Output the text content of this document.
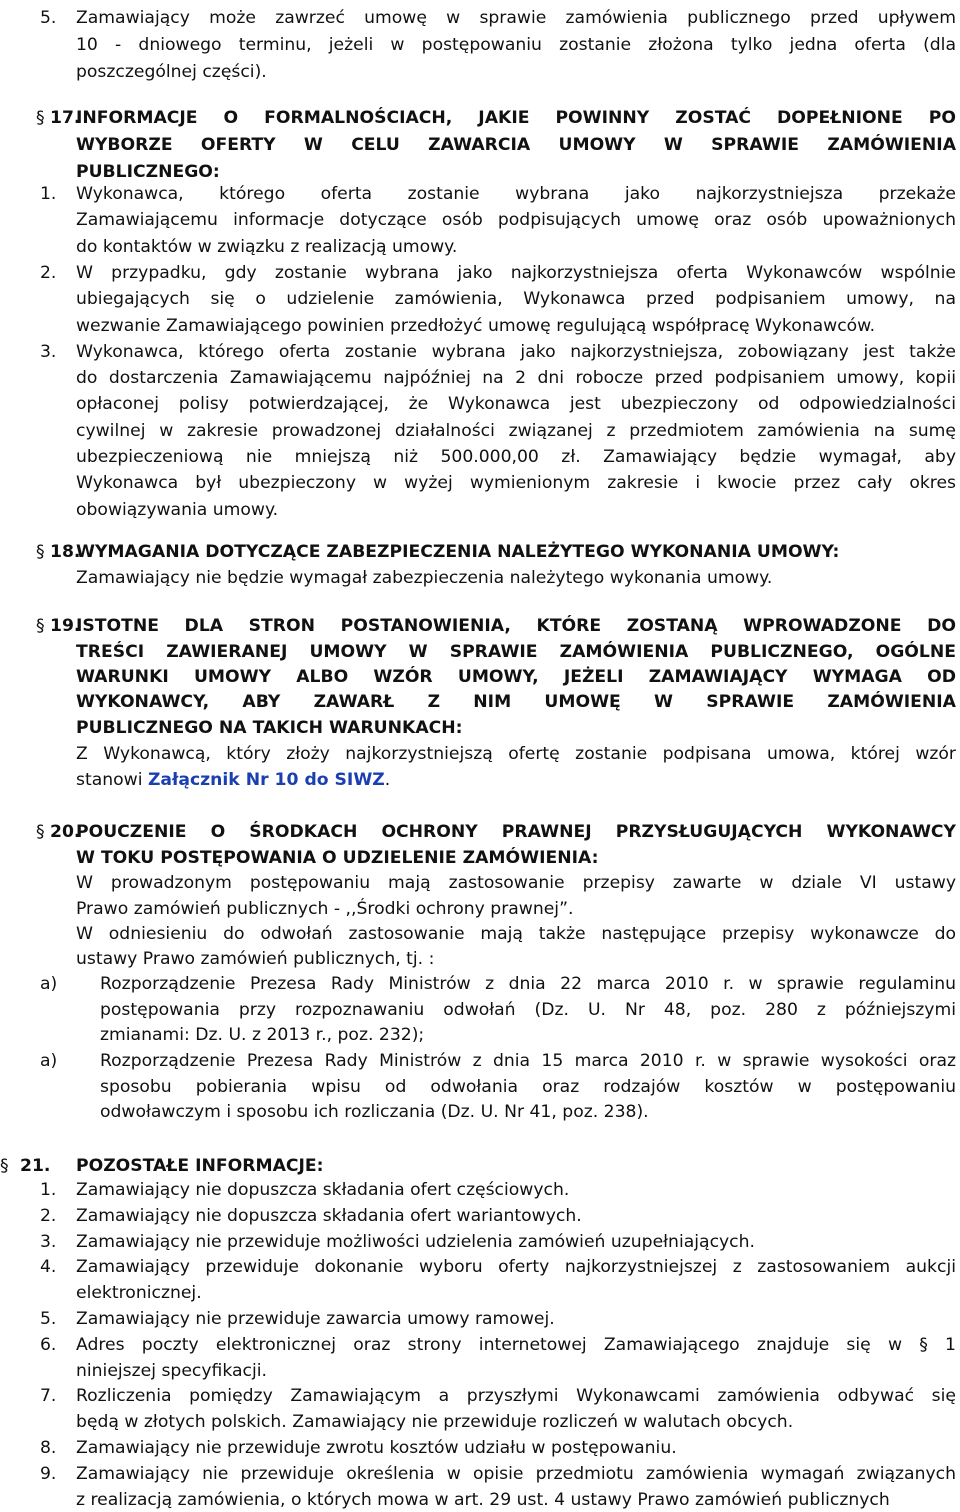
5. Zamawiający może zawrzeć umowę w sprawie zamówienia publicznego przed upływem
10 - dniowego terminu, jeżeli w postępowaniu zostanie złożona tylko jedna oferta (dla
poszczególnej części).
§ 17.
INFORMACJE O FORMALNOŚCIACH, JAKIE POWINNY ZOSTAĆ DOPEŁNIONE PO
WYBORZE OFERTY W CELU ZAWARCIA UMOWY W SPRAWIE ZAMÓWIENIA
PUBLICZNEGO:
1. Wykonawca, którego oferta zostanie wybrana jako najkorzystniejsza przekaże
Zamawiającemu informacje dotyczące osób podpisujących umowę oraz osób upoważnionych
do kontaktów w związku z realizacją umowy.
2. W przypadku, gdy zostanie wybrana jako najkorzystniejsza oferta Wykonawców wspólnie
ubiegających się o udzielenie zamówienia, Wykonawca przed podpisaniem umowy, na
wezwanie Zamawiającego powinien przedłożyć umowę regulującą współpracę Wykonawców.
3. Wykonawca, którego oferta zostanie wybrana jako najkorzystniejsza, zobowiązany jest także
do dostarczenia Zamawiającemu najpóźniej na 2 dni robocze przed podpisaniem umowy, kopii
opłaconej polisy potwierdzającej, że Wykonawca jest ubezpieczony od odpowiedzialności
cywilnej w zakresie prowadzonej działalności związanej z przedmiotem zamówienia na sumę
ubezpieczeniową nie mniejszą niż 500.000,00 zł. Zamawiający będzie wymagał, aby
Wykonawca był ubezpieczony w wyżej wymienionym zakresie i kwocie przez cały okres
obowiązywania umowy.
§ 18.
WYMAGANIA DOTYCZĄCE ZABEZPIECZENIA NALEŻYTEGO WYKONANIA UMOWY:
Zamawiający nie będzie wymagał zabezpieczenia należytego wykonania umowy.
§ 19.
ISTOTNE DLA STRON POSTANOWIENIA, KTÓRE ZOSTANĄ WPROWADZONE DO
TREŚCI ZAWIERANEJ UMOWY W SPRAWIE ZAMÓWIENIA PUBLICZNEGO, OGÓLNE
WARUNKI UMOWY ALBO WZÓR UMOWY, JEŻELI ZAMAWIAJĄCY WYMAGA OD
WYKONAWCY, ABY ZAWARŁ Z NIM UMOWĘ W SPRAWIE ZAMÓWIENIA
PUBLICZNEGO NA TAKICH WARUNKACH:
Z Wykonawcą, który złoży najkorzystniejszą ofertę zostanie podpisana umowa, której wzór
stanowi Załącznik Nr 10 do SIWZ.
§ 20.
POUCZENIE O ŚRODKACH OCHRONY PRAWNEJ PRZYSŁUGUJĄCYCH WYKONAWCY
W TOKU POSTĘPOWANIA O UDZIELENIE ZAMÓWIENIA:
W prowadzonym postępowaniu mają zastosowanie przepisy zawarte w dziale VI ustawy
Prawo zamówień publicznych - ,,Środki ochrony prawnej”.
W odniesieniu do odwołań zastosowanie mają także następujące przepisy wykonawcze do
ustawy Prawo zamówień publicznych, tj. :
a) Rozporządzenie Prezesa Rady Ministrów z dnia 22 marca 2010 r. w sprawie regulaminu
postępowania przy rozpoznawaniu odwołań (Dz. U. Nr 48, poz. 280 z późniejszymi
zmianami: Dz. U. z 2013 r., poz. 232);
a) Rozporządzenie Prezesa Rady Ministrów z dnia 15 marca 2010 r. w sprawie wysokości oraz
sposobu pobierania wpisu od odwołania oraz rodzajów kosztów w postępowaniu
odwoławczym i sposobu ich rozliczania (Dz. U. Nr 41, poz. 238).
§ 21. POZOSTAŁE INFORMACJE:
1. Zamawiający nie dopuszcza składania ofert częściowych.
2. Zamawiający nie dopuszcza składania ofert wariantowych.
3. Zamawiający nie przewiduje możliwości udzielenia zamówień uzupełniających.
4. Zamawiający przewiduje dokonanie wyboru oferty najkorzystniejszej z zastosowaniem aukcji
elektronicznej.
5. Zamawiający nie przewiduje zawarcia umowy ramowej.
6. Adres poczty elektronicznej oraz strony internetowej Zamawiającego znajduje się w § 1
niniejszej specyfikacji.
7. Rozliczenia pomiędzy Zamawiającym a przyszłymi Wykonawcami zamówienia odbywać się
będą w złotych polskich. Zamawiający nie przewiduje rozliczeń w walutach obcych.
8. Zamawiający nie przewiduje zwrotu kosztów udziału w postępowaniu.
9. Zamawiający nie przewiduje określenia w opisie przedmiotu zamówienia wymagań związanych
z realizacją zamówienia, o których mowa w art. 29 ust. 4 ustawy Prawo zamówień publicznych
